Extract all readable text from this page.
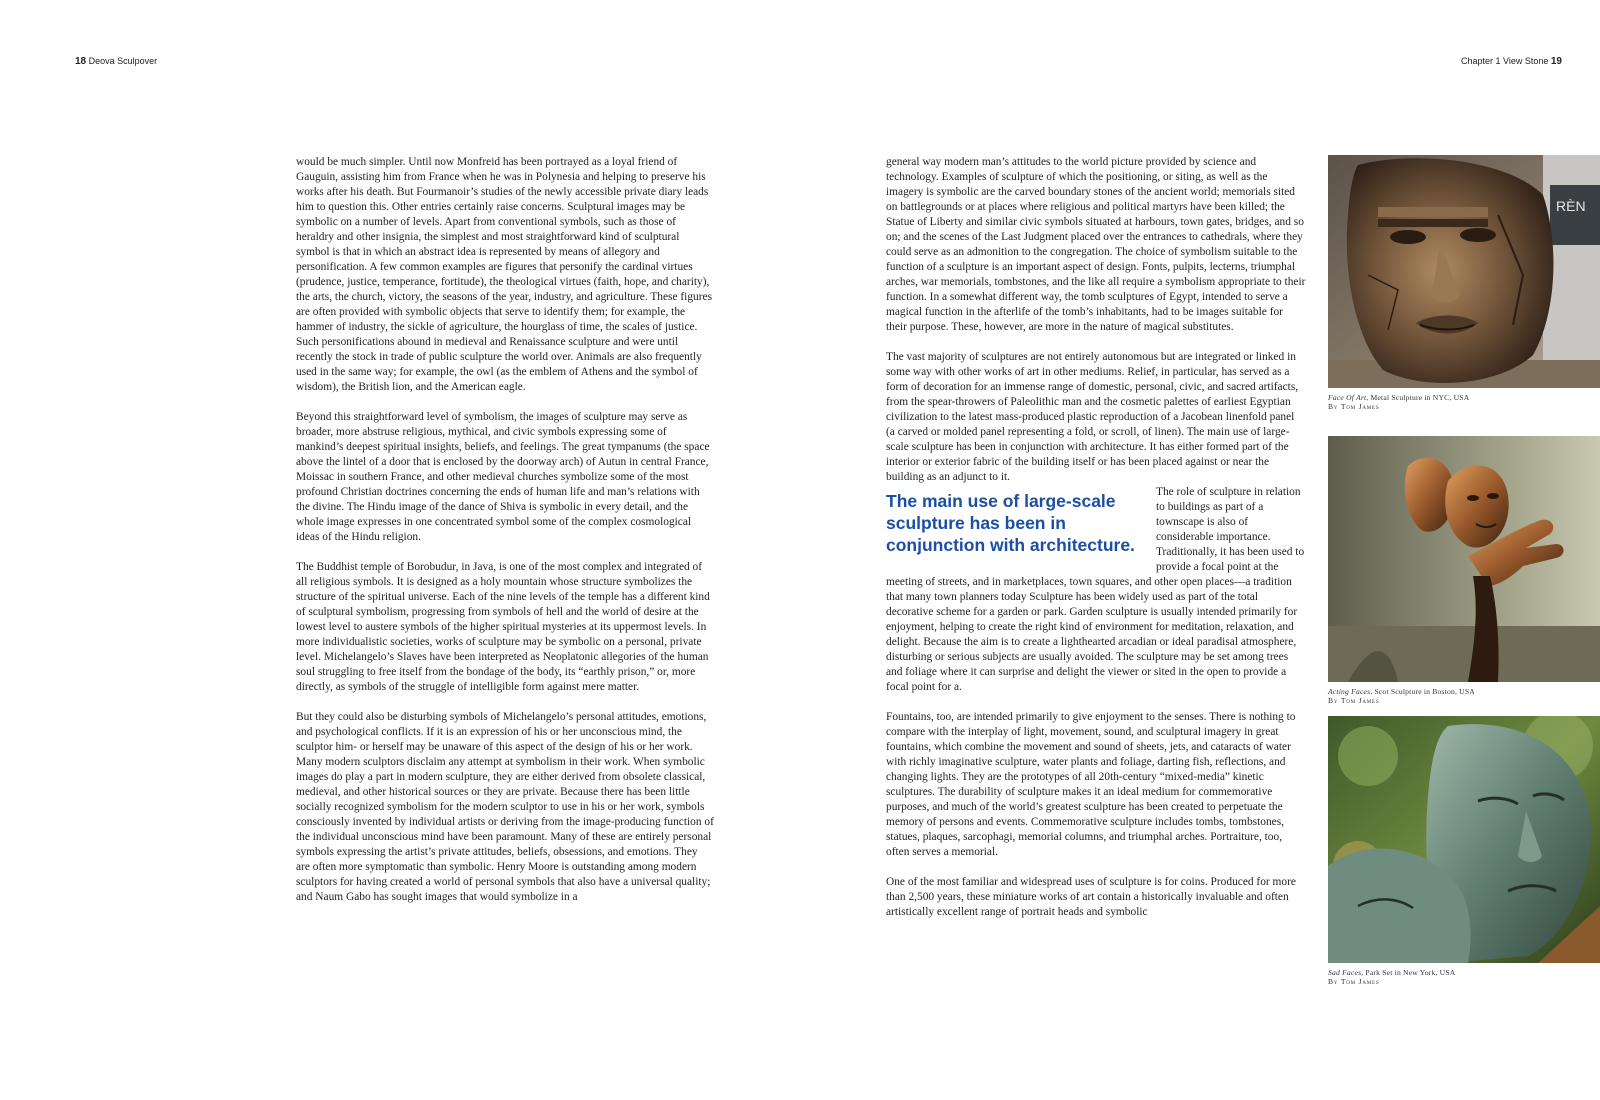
18 Deova Sculpover

would be much simpler. Until now Monfreid has been portrayed as a loyal friend of Gauguin, assisting him from France when he was in Polynesia and helping to preserve his works after his death. But Fourmanoir’s studies of the newly accessible private diary leads him to question this. Other entries certainly raise concerns. Sculptural images may be symbolic on a number of levels. Apart from conventional symbols, such as those of heraldry and other insignia, the simplest and most straightforward kind of sculptural symbol is that in which an abstract idea is represented by means of allegory and personification. A few common examples are figures that personify the cardinal virtues (prudence, justice, temperance, fortitude), the theological virtues (faith, hope, and charity), the arts, the church, victory, the seasons of the year, industry, and agriculture. These figures are often provided with symbolic objects that serve to identify them; for example, the hammer of industry, the sickle of agriculture, the hourglass of time, the scales of justice. Such personifications abound in medieval and Renaissance sculpture and were until recently the stock in trade of public sculpture the world over. Animals are also frequently used in the same way; for example, the owl (as the emblem of Athens and the symbol of wisdom), the British lion, and the American eagle.

Beyond this straightforward level of symbolism, the images of sculpture may serve as broader, more abstruse religious, mythical, and civic symbols expressing some of mankind’s deepest spiritual insights, beliefs, and feelings. The great tympanums (the space above the lintel of a door that is enclosed by the doorway arch) of Autun in central France, Moissac in southern France, and other medieval churches symbolize some of the most profound Christian doctrines concerning the ends of human life and man’s relations with the divine. The Hindu image of the dance of Shiva is symbolic in every detail, and the whole image expresses in one concentrated symbol some of the complex cosmological ideas of the Hindu religion.

The Buddhist temple of Borobudur, in Java, is one of the most complex and integrated of all religious symbols. It is designed as a holy mountain whose structure symbolizes the structure of the spiritual universe. Each of the nine levels of the temple has a different kind of sculptural symbolism, progressing from symbols of hell and the world of desire at the lowest level to austere symbols of the higher spiritual mysteries at its uppermost levels. In more individualistic societies, works of sculpture may be symbolic on a personal, private level. Michelangelo’s Slaves have been interpreted as Neoplatonic allegories of the human soul struggling to free itself from the bondage of the body, its “earthly prison,” or, more directly, as symbols of the struggle of intelligible form against mere matter.

But they could also be disturbing symbols of Michelangelo’s personal attitudes, emotions, and psychological conflicts. If it is an expression of his or her unconscious mind, the sculptor him- or herself may be unaware of this aspect of the design of his or her work. Many modern sculptors disclaim any attempt at symbolism in their work. When symbolic images do play a part in modern sculpture, they are either derived from obsolete classical, medieval, and other historical sources or they are private. Because there has been little socially recognized symbolism for the modern sculptor to use in his or her work, symbols consciously invented by individual artists or deriving from the image-producing function of the individual unconscious mind have been paramount. Many of these are entirely personal symbols expressing the artist’s private attitudes, beliefs, obsessions, and emotions. They are often more symptomatic than symbolic. Henry Moore is outstanding among modern sculptors for having created a world of personal symbols that also have a universal quality; and Naum Gabo has sought images that would symbolize in a

Chapter 1 View Stone 19

general way modern man’s attitudes to the world picture provided by science and technology. Examples of sculpture of which the positioning, or siting, as well as the imagery is symbolic are the carved boundary stones of the ancient world; memorials sited on battlegrounds or at places where religious and political martyrs have been killed; the Statue of Liberty and similar civic symbols situated at harbours, town gates, bridges, and so on; and the scenes of the Last Judgment placed over the entrances to cathedrals, where they could serve as an admonition to the congregation. The choice of symbolism suitable to the function of a sculpture is an important aspect of design. Fonts, pulpits, lecterns, triumphal arches, war memorials, tombstones, and the like all require a symbolism appropriate to their function. In a somewhat different way, the tomb sculptures of Egypt, intended to serve a magical function in the afterlife of the tomb’s inhabitants, had to be images suitable for their purpose. These, however, are more in the nature of magical substitutes.

The vast majority of sculptures are not entirely autonomous but are integrated or linked in some way with other works of art in other mediums. Relief, in particular, has served as a form of decoration for an immense range of domestic, personal, civic, and sacred artifacts, from the spear-throwers of Paleolithic man and the cosmetic palettes of earliest Egyptian civilization to the latest mass-produced plastic reproduction of a Jacobean linenfold panel (a carved or molded panel representing a fold, or scroll, of linen). The main use of large-scale sculpture has been in conjunction with architecture. It has either formed part of the interior or exterior fabric of the building itself or has been placed against or near the building as an adjunct to it.

The main use of large-scale sculpture has been in conjunction with architecture.
The role of sculpture in relation to buildings as part of a townscape is also of considerable importance. Traditionally, it has been used to provide a focal point at the meeting of streets, and in marketplaces, town squares, and other open places—a tradition that many town planners today Sculpture has been widely used as part of the total decorative scheme for a garden or park. Garden sculpture is usually intended primarily for enjoyment, helping to create the right kind of environment for meditation, relaxation, and delight. Because the aim is to create a lighthearted arcadian or ideal paradisal atmosphere, disturbing or serious subjects are usually avoided. The sculpture may be set among trees and foliage where it can surprise and delight the viewer or sited in the open to provide a focal point for a.

Fountains, too, are intended primarily to give enjoyment to the senses. There is nothing to compare with the interplay of light, movement, sound, and sculptural imagery in great fountains, which combine the movement and sound of sheets, jets, and cataracts of water with richly imaginative sculpture, water plants and foliage, darting fish, reflections, and changing lights. They are the prototypes of all 20th-century “mixed-media” kinetic sculptures. The durability of sculpture makes it an ideal medium for commemorative purposes, and much of the world’s greatest sculpture has been created to perpetuate the memory of persons and events. Commemorative sculpture includes tombs, tombstones, statues, plaques, sarcophagi, memorial columns, and triumphal arches. Portraiture, too, often serves a memorial.

One of the most familiar and widespread uses of sculpture is for coins. Produced for more than 2,500 years, these miniature works of art contain a historically invaluable and often artistically excellent range of portrait heads and symbolic

RÈN
Face Of Art, Metal Sculpture in NYC, USA
By Tom James
Acting Faces, Scot Sculpture in Boston, USA
By Tom James
Sad Faces, Park Set in New York, USA
By Tom James
